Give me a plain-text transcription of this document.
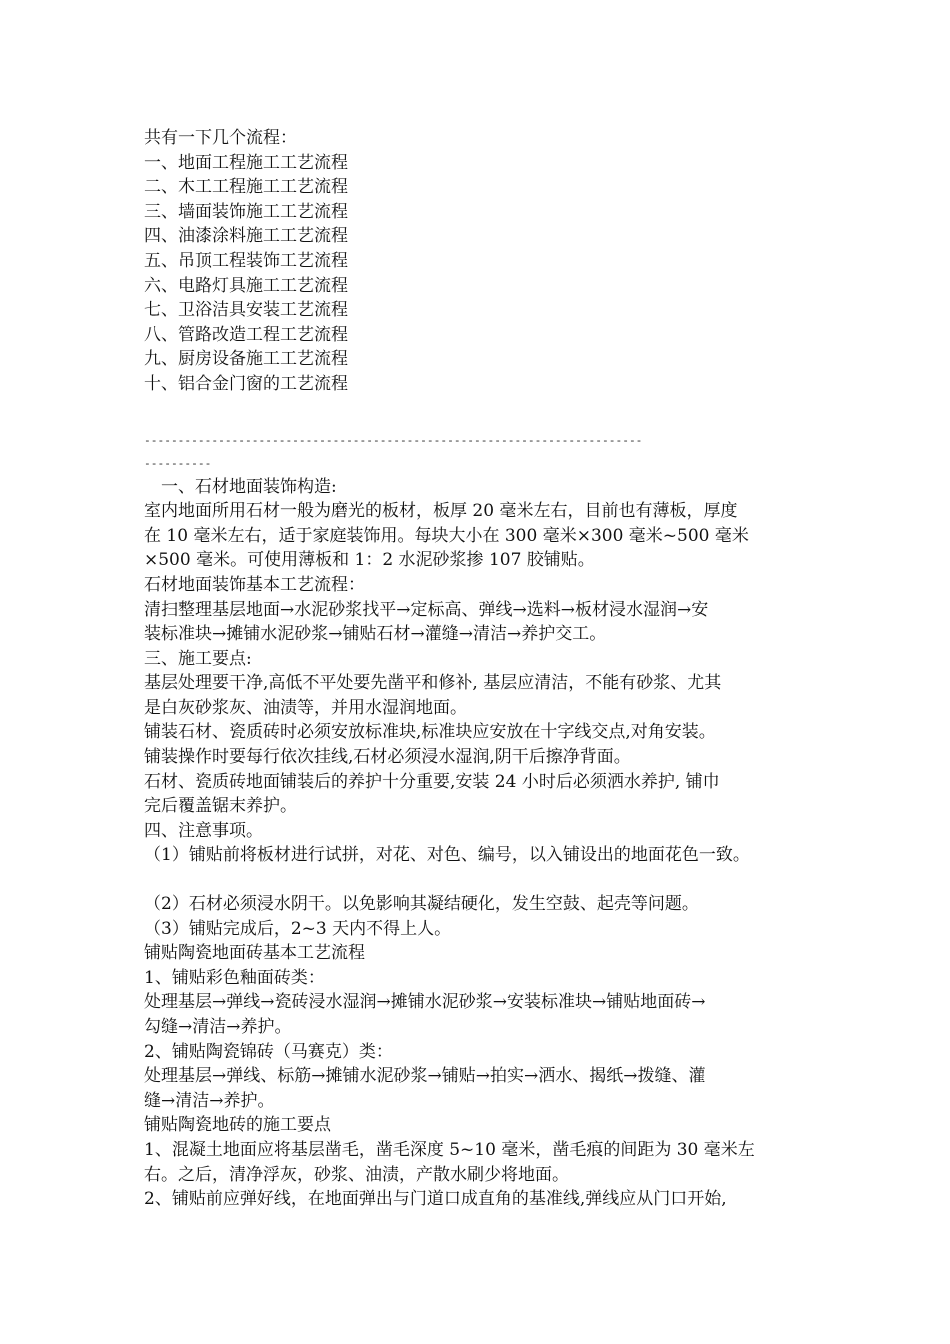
共有一下几个流程：
一、地面工程施工工艺流程
二、木工工程施工工艺流程
三、墙面装饰施工工艺流程
四、油漆涂料施工工艺流程
五、吊顶工程装饰工艺流程
六、电路灯具施工工艺流程
七、卫浴洁具安装工艺流程
八、管路改造工程工艺流程
九、厨房设备施工工艺流程
十、铝合金门窗的工艺流程
--------------------------------------------------------------------------
----------
一、石材地面装饰构造:
室内地面所用石材一般为磨光的板材，板厚 20 毫米左右，目前也有薄板，厚度
在 10 毫米左右，适于家庭装饰用。每块大小在 300 毫米×300 毫米~500 毫米
×500 毫米。可使用薄板和 1：2 水泥砂浆掺 107 胶铺贴。
石材地面装饰基本工艺流程：
清扫整理基层地面→水泥砂浆找平→定标高、弹线→选料→板材浸水湿润→安
装标准块→摊铺水泥砂浆→铺贴石材→灌缝→清洁→养护交工。
三、施工要点:
基层处理要干净,高低不平处要先凿平和修补, 基层应清洁，不能有砂浆、尤其
是白灰砂浆灰、油渍等，并用水湿润地面。
铺装石材、瓷质砖时必须安放标准块,标准块应安放在十字线交点,对角安装。
铺装操作时要每行依次挂线,石材必须浸水湿润,阴干后擦净背面。
石材、瓷质砖地面铺装后的养护十分重要,安装 24 小时后必须洒水养护, 铺巾
完后覆盖锯末养护。
四、注意事项。
（1）铺贴前将板材进行试拼，对花、对色、编号，以入铺设出的地面花色一致。
（2）石材必须浸水阴干。以免影响其凝结硬化，发生空鼓、起壳等问题。
（3）铺贴完成后，2~3 天内不得上人。
铺贴陶瓷地面砖基本工艺流程
1、铺贴彩色釉面砖类：
处理基层→弹线→瓷砖浸水湿润→摊铺水泥砂浆→安装标准块→铺贴地面砖→
勾缝→清洁→养护。
2、铺贴陶瓷锦砖（马赛克）类：
处理基层→弹线、标筋→摊铺水泥砂浆→铺贴→拍实→洒水、揭纸→拨缝、灌
缝→清洁→养护。
铺贴陶瓷地砖的施工要点
1、混凝土地面应将基层凿毛，凿毛深度 5~10 毫米，凿毛痕的间距为 30 毫米左
右。之后，清净浮灰，砂浆、油渍，产散水刷少将地面。
2、铺贴前应弹好线，在地面弹出与门道口成直角的基准线,弹线应从门口开始,
